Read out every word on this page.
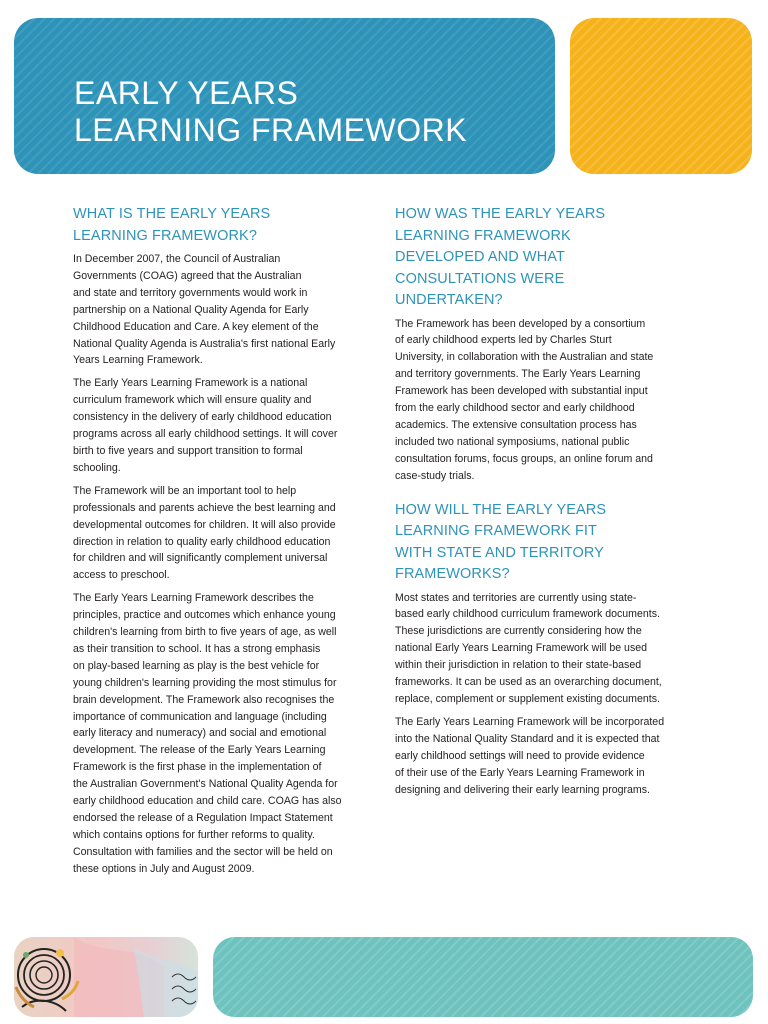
EARLY YEARS
LEARNING FRAMEWORK
WHAT IS THE EARLY YEARS
LEARNING FRAMEWORK?

In December 2007, the Council of Australian
Governments (COAG) agreed that the Australian
and state and territory governments would work in
partnership on a National Quality Agenda for Early
Childhood Education and Care. A key element of the
National Quality Agenda is Australia's first national Early
Years Learning Framework.

The Early Years Learning Framework is a national
curriculum framework which will ensure quality and
consistency in the delivery of early childhood education
programs across all early childhood settings. It will cover
birth to five years and support transition to formal
schooling.

The Framework will be an important tool to help
professionals and parents achieve the best learning and
developmental outcomes for children. It will also provide
direction in relation to quality early childhood education
for children and will significantly complement universal
access to preschool.

The Early Years Learning Framework describes the
principles, practice and outcomes which enhance young
children's learning from birth to five years of age, as well
as their transition to school. It has a strong emphasis
on play-based learning as play is the best vehicle for
young children's learning providing the most stimulus for
brain development. The Framework also recognises the
importance of communication and language (including
early literacy and numeracy) and social and emotional
development. The release of the Early Years Learning
Framework is the first phase in the implementation of
the Australian Government's National Quality Agenda for
early childhood education and child care. COAG has also
endorsed the release of a Regulation Impact Statement
which contains options for further reforms to quality.
Consultation with families and the sector will be held on
these options in July and August 2009.

HOW WAS THE EARLY YEARS
LEARNING FRAMEWORK
DEVELOPED AND WHAT
CONSULTATIONS WERE
UNDERTAKEN?

The Framework has been developed by a consortium
of early childhood experts led by Charles Sturt
University, in collaboration with the Australian and state
and territory governments. The Early Years Learning
Framework has been developed with substantial input
from the early childhood sector and early childhood
academics. The extensive consultation process has
included two national symposiums, national public
consultation forums, focus groups, an online forum and
case-study trials.

HOW WILL THE EARLY YEARS
LEARNING FRAMEWORK FIT
WITH STATE AND TERRITORY
FRAMEWORKS?

Most states and territories are currently using state-
based early childhood curriculum framework documents.
These jurisdictions are currently considering how the
national Early Years Learning Framework will be used
within their jurisdiction in relation to their state-based
frameworks. It can be used as an overarching document,
replace, complement or supplement existing documents.

The Early Years Learning Framework will be incorporated
into the National Quality Standard and it is expected that
early childhood settings will need to provide evidence
of their use of the Early Years Learning Framework in
designing and delivering their early learning programs.
